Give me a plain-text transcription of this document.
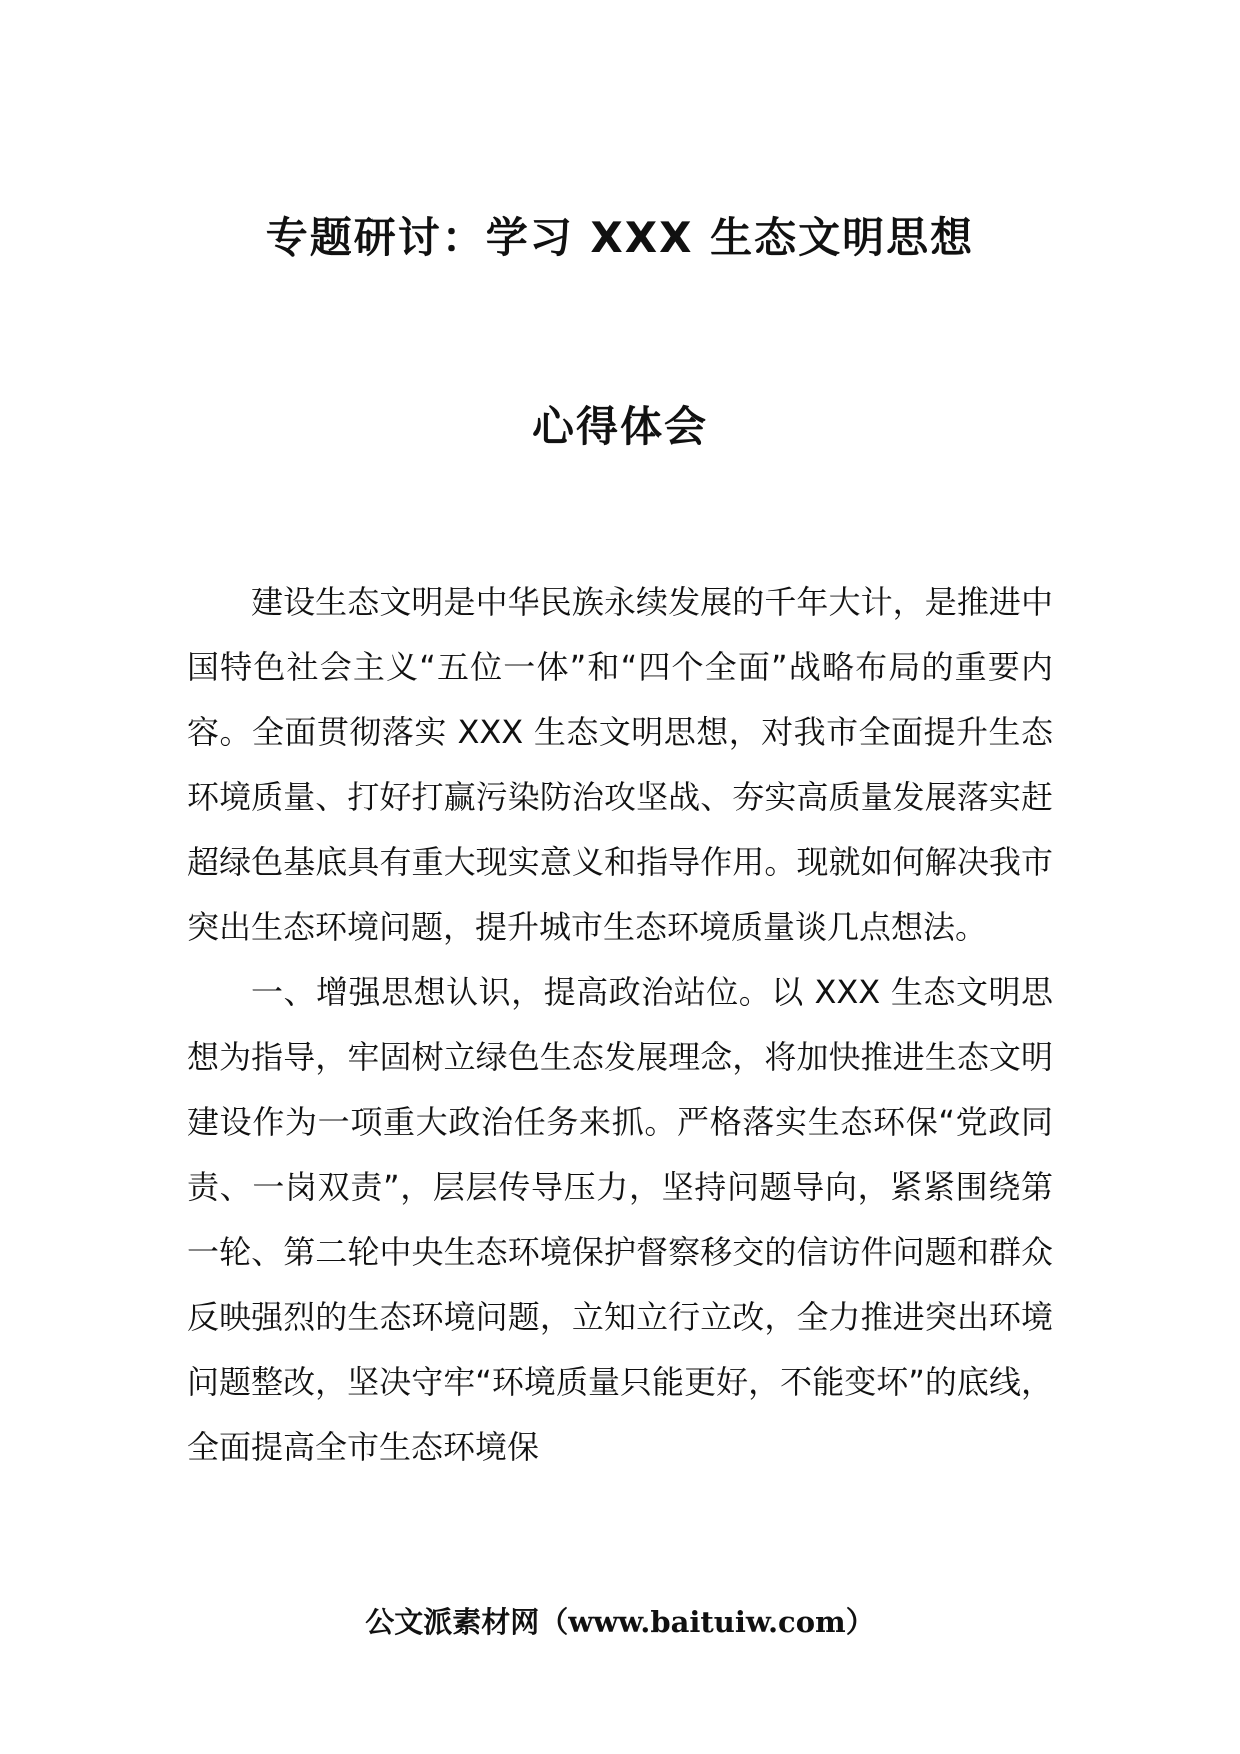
专题研讨：学习 XXX 生态文明思想
心得体会

建设生态文明是中华民族永续发展的千年大计，是推进中国特色社会主义“五位一体”和“四个全面”战略布局的重要内容。全面贯彻落实 XXX 生态文明思想，对我市全面提升生态环境质量、打好打赢污染防治攻坚战、夯实高质量发展落实赶超绿色基底具有重大现实意义和指导作用。现就如何解决我市突出生态环境问题，提升城市生态环境质量谈几点想法。

一、增强思想认识，提高政治站位。以 XXX 生态文明思想为指导，牢固树立绿色生态发展理念，将加快推进生态文明建设作为一项重大政治任务来抓。严格落实生态环保“党政同责、一岗双责”，层层传导压力，坚持问题导向，紧紧围绕第一轮、第二轮中央生态环境保护督察移交的信访件问题和群众反映强烈的生态环境问题，立知立行立改，全力推进突出环境问题整改，坚决守牢“环境质量只能更好，不能变坏”的底线，全面提高全市生态环境保

公文派素材网（www.baituiw.com）
